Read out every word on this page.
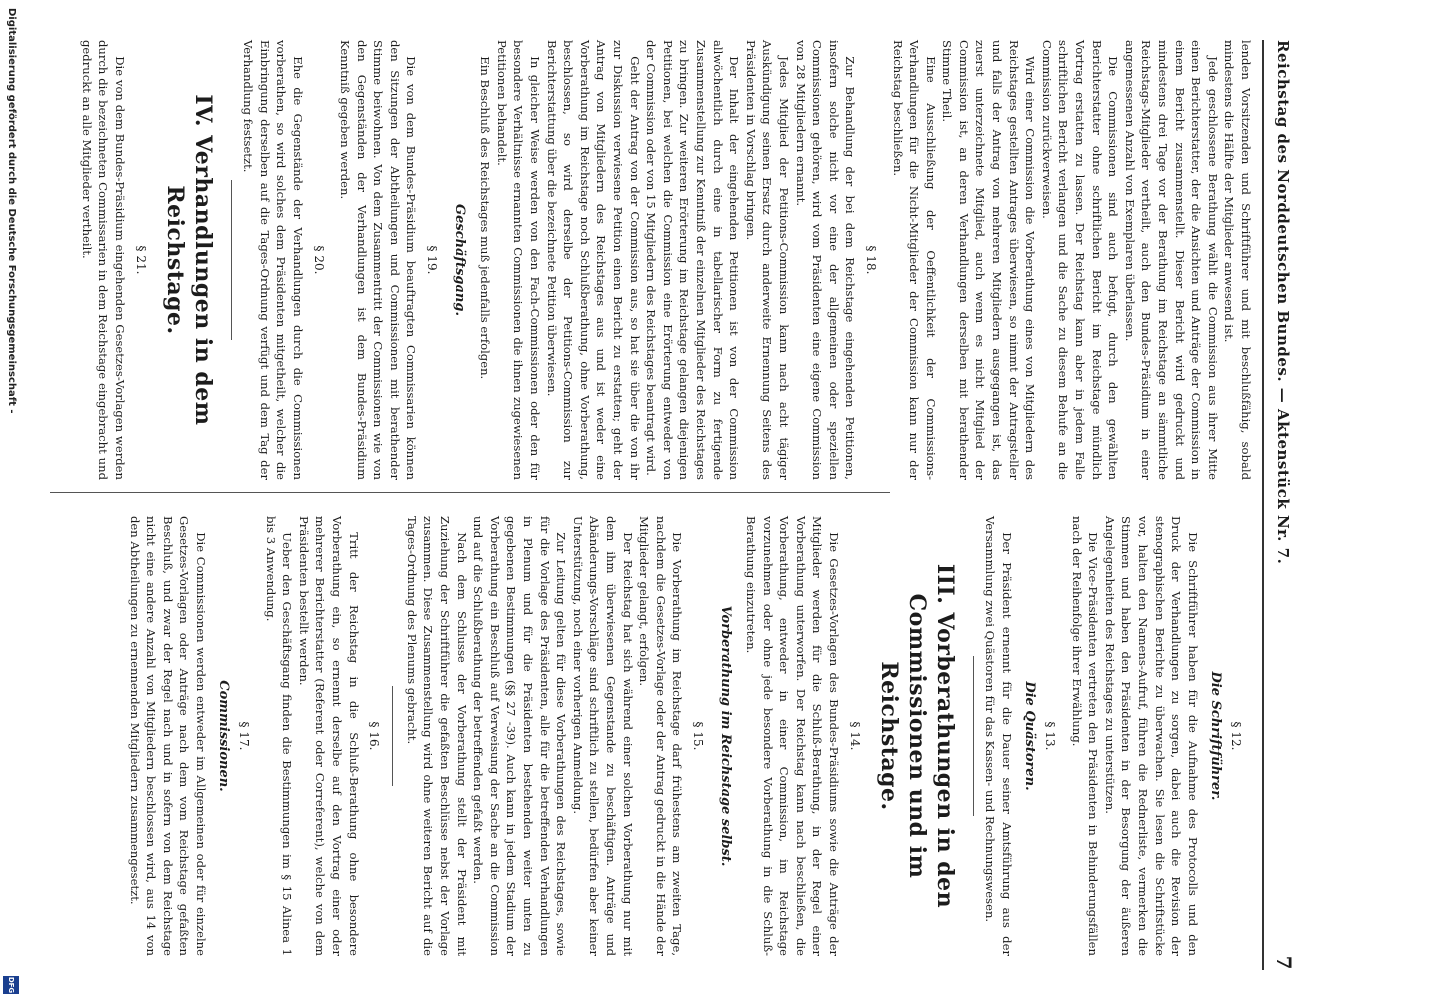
Reichstag des Norddeutschen Bundes. — Aktenstück Nr. 7.
7

lenden Vorsitzenden und Schriftführer und mit beschlußfähig, sobald mindestens die Hälfte der Mitglieder anwesend ist.

Jede geschlossene Berathung wählt die Commission aus ihrer Mitte einen Berichterstatter, der die Ansichten und Anträge der Commission in einem Bericht zusammenstellt. Dieser Bericht wird gedruckt und mindestens drei Tage vor der Berathung im Reichstage an sämmtliche Reichstags-Mitglieder vertheilt, auch den Bundes-Präsidium in einer angemessenen Anzahl von Exemplaren überlassen.

Die Commissionen sind auch befugt, durch den gewählten Berichterstatter ohne schriftlichen Bericht im Reichstage mündlich Vortrag erstatten zu lassen. Der Reichstag kann aber in jedem Falle schriftlichen Bericht verlangen und die Sache zu diesem Behufe an die Commission zurückverweisen.

Wird einer Commission die Vorberathung eines von Mitgliedern des Reichstages gestellten Antrages überwiesen, so nimmt der Antragsteller und falls der Antrag von mehreren Mitgliedern ausgegangen ist, das zuerst unterzeichnete Mitglied, auch wenn es nicht Mitglied der Commission ist, an deren Verhandlungen derselben mit berathender Stimme Theil.

Eine Ausschließung der Oeffentlichkeit der Commissions-Verhandlungen für die Nicht-Mitglieder der Commission kann nur der Reichstag beschließen.

§ 18.

Zur Behandlung der bei dem Reichstage eingehenden Petitionen, insofern solche nicht vor eine der allgemeinen oder speziellen Commissionen gehören, wird vom Präsidenten eine eigene Commission von 28 Mitgliedern ernannt.

Jedes Mitglied der Petitions-Commission kann nach acht tägiger Auskündigung seinen Ersatz durch anderweite Ernennung Seitens des Präsidenten in Vorschlag bringen.

Der Inhalt der eingehenden Petitionen ist von der Commission allwöchentlich durch eine in tabellarischer Form zu fertigende Zusammenstellung zur Kenntniß der einzelnen Mitglieder des Reichstages zu bringen. Zur weiteren Erörterung im Reichstage gelangen diejenigen Petitionen, bei welchen die Commission eine Erörterung entweder von der Commission oder von 15 Mitgliedern des Reichstages beantragt wird.

Geht der Antrag von der Commission aus, so hat sie über die von ihr zur Diskussion verwiesene Petition einen Bericht zu erstatten; geht der Antrag von Mitgliedern des Reichstages aus und ist weder eine Vorberathung im Reichstage noch Schlußberathung, ohne Vorberathung, beschlossen, so wird derselbe der Petitions-Commission zur Berichterstattung über die bezeichnete Petition überwiesen.

In gleicher Weise werden von den Fach-Commissionen oder den für besondere Verhältnisse ernannten Commissionen die ihnen zugewiesenen Petitionen behandelt.

Ein Beschluß des Reichstages muß jedenfalls erfolgen.

Geschäftsgang.
§ 19.

Die von dem Bundes-Präsidium beauftragten Commissarien können den Sitzungen der Abtheilungen und Commissionen mit berathender Stimme beiwohnen. Von dem Zusammentritt der Commissionen wie von den Gegenständen der Verhandlungen ist dem Bundes-Präsidium Kenntniß gegeben werden.

§ 20.

Ehe die Gegenstände der Verhandlungen durch die Commissionen vorberathen, so wird solches dem Präsidenten mitgetheilt, welcher die Einbringung derselben auf die Tages-Ordnung verfügt und dem Tag der Verhandlung festsetzt.

IV. Verhandlungen in dem Reichstage.
§ 21.

Die von dem Bundes-Präsidium eingehenden Gesetzes-Vorlagen werden durch die bezeichneten Commissarien in dem Reichstage eingebracht und gedruckt an alle Mitglieder vertheilt.

§ 12.
Die Schriftführer.

Die Schriftführer haben für die Aufnahme des Protocolls und den Druck der Verhandlungen zu sorgen, dabei auch die Revision der stenographischen Berichte zu überwachen. Sie lesen die Schriftstücke vor, halten den Namens-Aufruf, führen die Rednerliste, vermerken die Stimmen und haben den Präsidenten in der Besorgung der äußeren Angelegenheiten des Reichstages zu unterstützen.

Die Vice-Präsidenten vertreten den Präsidenten in Behinderungsfällen nach der Reihenfolge ihrer Erwählung.

§ 13.
Die Quästoren.

Der Präsident ernennt für die Dauer seiner Amtsführung aus der Versammlung zwei Quästoren für das Kassen- und Rechnungswesen.

III. Vorberathungen in den Commissionen und im Reichstage.
§ 14.

Die Gesetzes-Vorlagen des Bundes-Präsidiums sowie die Anträge der Mitglieder werden für die Schluß-Berathung, in der Regel einer Vorberathung unterworfen. Der Reichstag kann nach beschließen, die Vorberathung, entweder in einer Commission, im Reichstage vorzunehmen oder ohne jede besondere Vorberathung in die Schluß-Berathung einzutreten.

Vorberathung im Reichstage selbst.
§ 15.

Die Vorberathung im Reichstage darf frühestens am zweiten Tage, nachdem die Gesetzes-Vorlage oder der Antrag gedruckt in die Hände der Mitglieder gelangt, erfolgen.

Der Reichstag hat sich während einer solchen Vorberathung nur mit dem ihm überwiesenen Gegenstande zu beschäftigen. Anträge und Abänderungs-Vorschläge sind schriftlich zu stellen, bedürfen aber keiner Unterstützung, noch einer vorherigen Anmeldung.

Zur Leitung gelten für diese Vorberathungen des Reichstages, sowie für die Vorlage des Präsidenten, alle für die betreffenden Verhandlungen in Plenum und für die Präsidenten bestehenden weiter unten zu gegebenen Bestimmungen (§§ 27 -39). Auch kann in jedem Stadium der Vorberathung ein Beschluß auf Verweisung der Sache an die Commission und auf die Schlußberathung der betreffenden gefaßt werden.

Nach dem Schlusse der Vorberathung stellt der Präsident mit Zuziehung der Schriftführer die gefaßten Beschlüsse nebst der Vorlage zusammen. Diese Zusammenstellung wird ohne weiteren Bericht auf die Tages-Ordnung des Plenums gebracht.

§ 16.

Tritt der Reichstag in die Schluß-Berathung ohne besondere Vorberathung ein, so ernennt derselbe auf den Vortrag einer oder mehrerer Berichterstatter (Referent oder Correferent), welche von dem Präsidenten bestellt werden.

Ueber den Geschäftsgang finden die Bestimmungen im § 15 Alinea 1 bis 3 Anwendung.

§ 17.
Commissionen.

Die Commissionen werden entweder im Allgemeinen oder für einzelne Gesetzes-Vorlagen oder Anträge nach dem vom Reichstage gefaßten Beschluß, und zwar der Regel nach und in sofern von dem Reichstage nicht eine andere Anzahl von Mitgliedern beschlossen wird, aus 14 von den Abtheilungen zu ernennenden Mitgliedern zusammengesetzt.

Digitalisierung gefördert durch die Deutsche Forschungsgemeinschaft -
DFG
